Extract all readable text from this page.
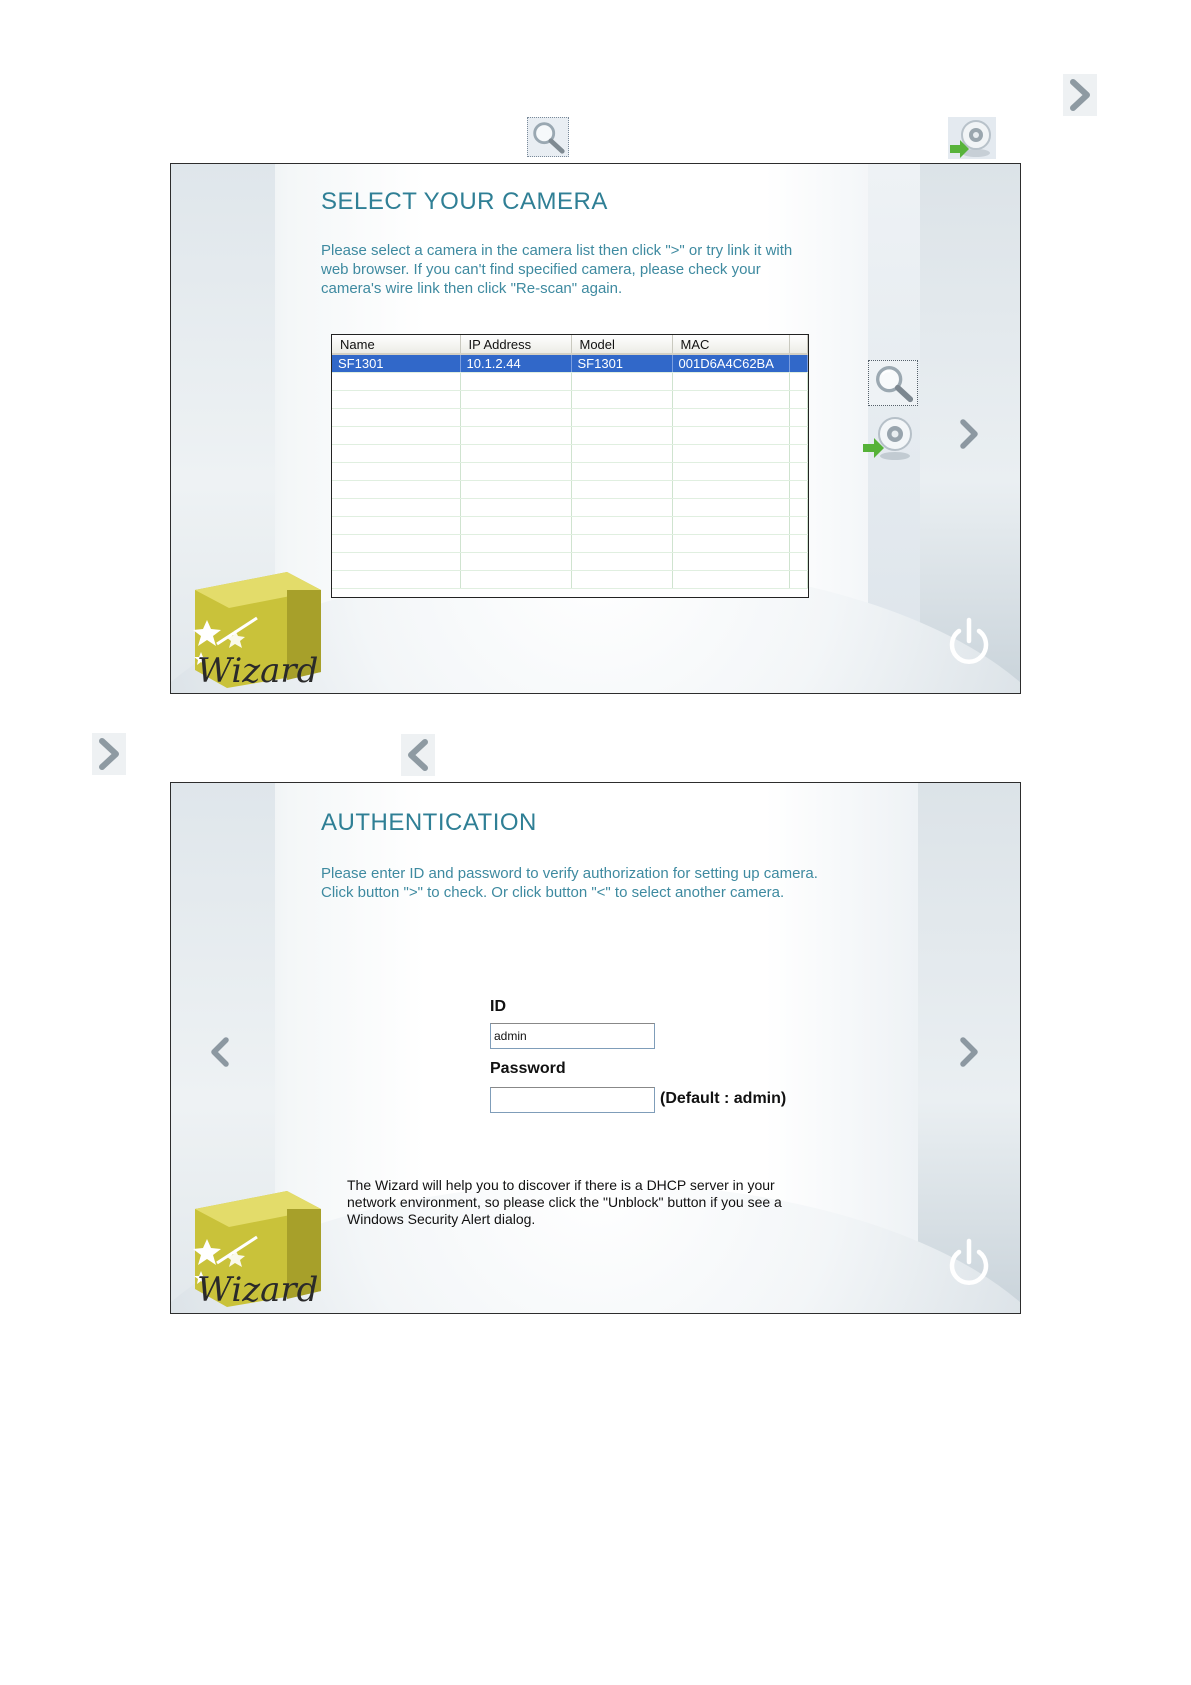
SELECT YOUR CAMERA
Please select a camera in the camera list then click ">" or try link it with web browser. If you can't find specified camera, please check your camera's wire link then click "Re-scan" again.
Name	IP Address	Model	MAC	
SF1301	10.1.2.44	SF1301	001D6A4C62BA	

Wizard
AUTHENTICATION
Please enter ID and password to verify authorization for setting up camera. Click button ">" to check. Or click button "<" to select another camera.
ID
admin
Password
(Default : admin)
The Wizard will help you to discover if there is a DHCP server in your network environment, so please click the "Unblock" button if you see a Windows Security Alert dialog.
Wizard
